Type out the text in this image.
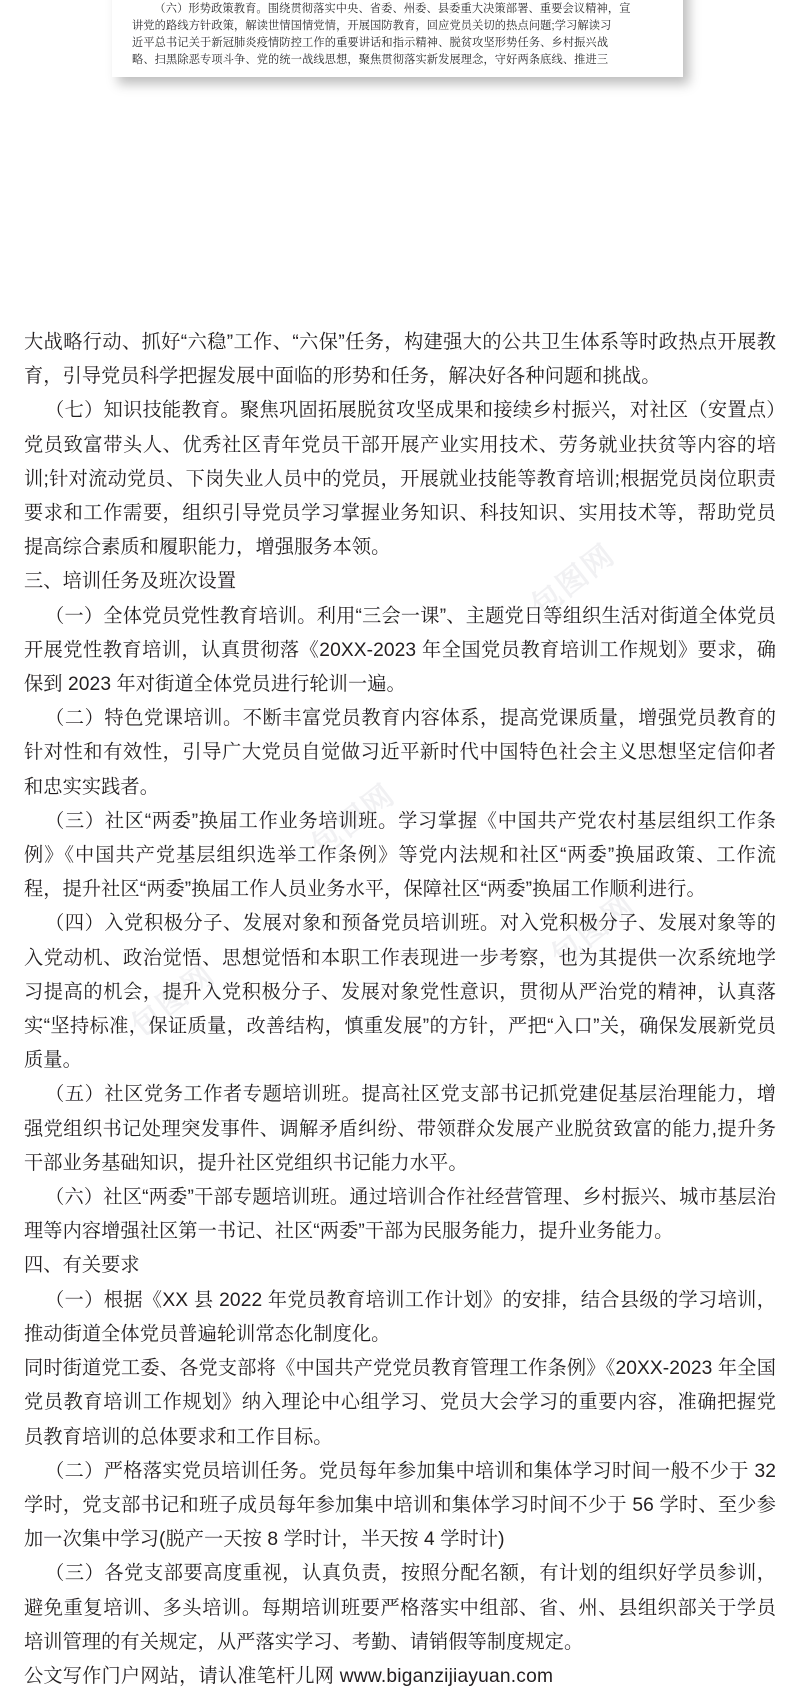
（六）形势政策教育。围绕贯彻落实中央、省委、州委、县委重大决策部署、重要会议精神，宣
讲党的路线方针政策，解读世情国情党情，开展国防教育，回应党员关切的热点问题;学习解读习
近平总书记关于新冠肺炎疫情防控工作的重要讲话和指示精神、脱贫攻坚形势任务、乡村振兴战
略、扫黑除恶专项斗争、党的统一战线思想，聚焦贯彻落实新发展理念，守好两条底线、推进三
包图网
包图网
包图网
包图网

大战略行动、抓好“六稳”工作、“六保”任务，构建强大的公共卫生体系等时政热点开展教育，引导党员科学把握发展中面临的形势和任务，解决好各种问题和挑战。

（七）知识技能教育。聚焦巩固拓展脱贫攻坚成果和接续乡村振兴，对社区（安置点）党员致富带头人、优秀社区青年党员干部开展产业实用技术、劳务就业扶贫等内容的培训;针对流动党员、下岗失业人员中的党员，开展就业技能等教育培训;根据党员岗位职责要求和工作需要，组织引导党员学习掌握业务知识、科技知识、实用技术等，帮助党员提高综合素质和履职能力，增强服务本领。

三、培训任务及班次设置

（一）全体党员党性教育培训。利用“三会一课”、主题党日等组织生活对街道全体党员开展党性教育培训，认真贯彻落《20XX-2023 年全国党员教育培训工作规划》要求，确保到 2023 年对街道全体党员进行轮训一遍。

（二）特色党课培训。不断丰富党员教育内容体系，提高党课质量，增强党员教育的针对性和有效性，引导广大党员自觉做习近平新时代中国特色社会主义思想坚定信仰者和忠实实践者。

（三）社区“两委”换届工作业务培训班。学习掌握《中国共产党农村基层组织工作条例》《中国共产党基层组织选举工作条例》等党内法规和社区“两委”换届政策、工作流程，提升社区“两委”换届工作人员业务水平，保障社区“两委”换届工作顺利进行。

（四）入党积极分子、发展对象和预备党员培训班。对入党积极分子、发展对象等的入党动机、政治觉悟、思想觉悟和本职工作表现进一步考察，也为其提供一次系统地学习提高的机会，提升入党积极分子、发展对象党性意识，贯彻从严治党的精神，认真落实“坚持标准，保证质量，改善结构，慎重发展”的方针，严把“入口”关，确保发展新党员质量。

（五）社区党务工作者专题培训班。提高社区党支部书记抓党建促基层治理能力，增强党组织书记处理突发事件、调解矛盾纠纷、带领群众发展产业脱贫致富的能力,提升务干部业务基础知识，提升社区党组织书记能力水平。

（六）社区“两委”干部专题培训班。通过培训合作社经营管理、乡村振兴、城市基层治理等内容增强社区第一书记、社区“两委”干部为民服务能力，提升业务能力。

四、有关要求

（一）根据《XX 县 2022 年党员教育培训工作计划》的安排，结合县级的学习培训，推动街道全体党员普遍轮训常态化制度化。

同时街道党工委、各党支部将《中国共产党党员教育管理工作条例》《20XX-2023 年全国党员教育培训工作规划》纳入理论中心组学习、党员大会学习的重要内容，准确把握党员教育培训的总体要求和工作目标。

（二）严格落实党员培训任务。党员每年参加集中培训和集体学习时间一般不少于 32 学时，党支部书记和班子成员每年参加集中培训和集体学习时间不少于 56 学时、至少参加一次集中学习(脱产一天按 8 学时计，半天按 4 学时计)

（三）各党支部要高度重视，认真负责，按照分配名额，有计划的组织好学员参训，避免重复培训、多头培训。每期培训班要严格落实中组部、省、州、县组织部关于学员培训管理的有关规定，从严落实学习、考勤、请销假等制度规定。

公文写作门户网站，请认准笔杆儿网 www.biganzijiayuan.com
